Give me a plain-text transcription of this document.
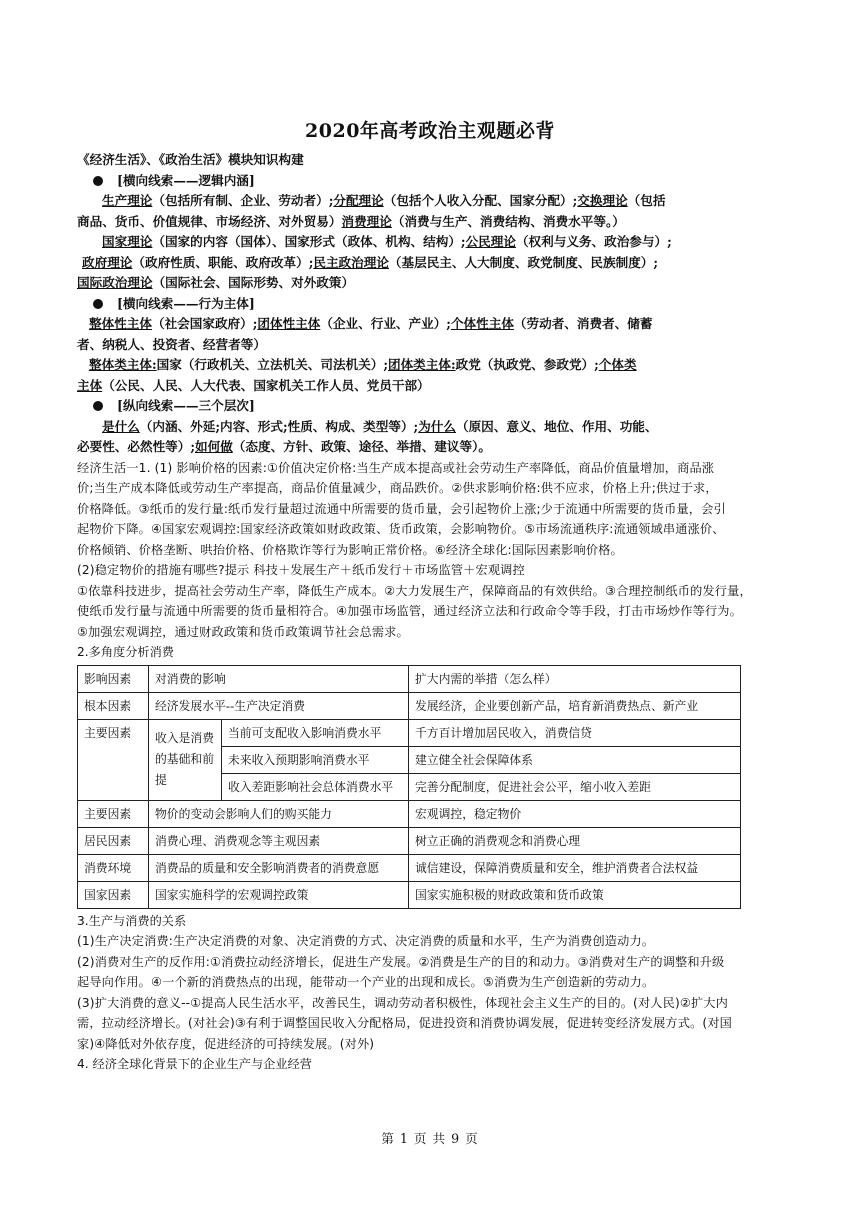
2020年高考政治主观题必背
《经济生活》、《政治生活》模块知识构建
[横向线索——逻辑内涵]
生产理论（包括所有制、企业、劳动者）;分配理论（包括个人收入分配、国家分配）;交换理论（包括
商品、货币、价值规律、市场经济、对外贸易）消费理论（消费与生产、消费结构、消费水平等。）
国家理论（国家的内容（国体）、国家形式（政体、机构、结构）;公民理论（权利与义务、政治参与）;
政府理论（政府性质、职能、政府改革）;民主政治理论（基层民主、人大制度、政党制度、民族制度）;
国际政治理论（国际社会、国际形势、对外政策）
[横向线索——行为主体]
整体性主体（社会国家政府）;团体性主体（企业、行业、产业）;个体性主体（劳动者、消费者、储蓄
者、纳税人、投资者、经营者等）
整体类主体:国家（行政机关、立法机关、司法机关）;团体类主体:政党（执政党、参政党）;个体类
主体（公民、人民、人大代表、国家机关工作人员、党员干部）
[纵向线索——三个层次]
是什么（内涵、外延;内容、形式;性质、构成、类型等）;为什么（原因、意义、地位、作用、功能、
必要性、必然性等）;如何做（态度、方针、政策、途径、举措、建议等）。
经济生活一1. (1) 影响价格的因素:①价值决定价格:当生产成本提高或社会劳动生产率降低，商品价值量增加，商品涨
价;当生产成本降低或劳动生产率提高，商品价值量减少，商品跌价。②供求影响价格:供不应求，价格上升;供过于求，
价格降低。③纸币的发行量:纸币发行量超过流通中所需要的货币量，会引起物价上涨;少于流通中所需要的货币量，会引
起物价下降。④国家宏观调控:国家经济政策如财政政策、货币政策，会影响物价。⑤市场流通秩序:流通领域串通涨价、
价格倾销、价格垄断、哄抬价格、价格欺诈等行为影响正常价格。⑥经济全球化:国际因素影响价格。
(2)稳定物价的措施有哪些?提示 科技＋发展生产＋纸币发行＋市场监管＋宏观调控
①依靠科技进步，提高社会劳动生产率，降低生产成本。②大力发展生产，保障商品的有效供给。③合理控制纸币的发行量，
使纸币发行量与流通中所需要的货币量相符合。④加强市场监管，通过经济立法和行政命令等手段，打击市场炒作等行为。
⑤加强宏观调控，通过财政政策和货币政策调节社会总需求。
2.多角度分析消费
影响因素	对消费的影响		扩大内需的举措（怎么样）
根本因素	经济发展水平--生产决定消费		发展经济，企业要创新产品，培育新消费热点、新产业
主要因素	收入是消费的基础和前提	当前可支配收入影响消费水平	千方百计增加居民收入，消费信贷
		未来收入预期影响消费水平	建立健全社会保障体系
		收入差距影响社会总体消费水平	完善分配制度，促进社会公平，缩小收入差距
主要因素	物价的变动会影响人们的购买能力		宏观调控，稳定物价
居民因素	消费心理、消费观念等主观因素		树立正确的消费观念和消费心理
消费环境	消费品的质量和安全影响消费者的消费意愿		诚信建设，保障消费质量和安全，维护消费者合法权益
国家因素	国家实施科学的宏观调控政策		国家实施积极的财政政策和货币政策
3.生产与消费的关系
(1)生产决定消费:生产决定消费的对象、决定消费的方式、决定消费的质量和水平，生产为消费创造动力。
(2)消费对生产的反作用:①消费拉动经济增长，促进生产发展。②消费是生产的目的和动力。③消费对生产的调整和升级
起导向作用。④一个新的消费热点的出现，能带动一个产业的出现和成长。⑤消费为生产创造新的劳动力。
(3)扩大消费的意义--①提高人民生活水平，改善民生，调动劳动者积极性，体现社会主义生产的目的。(对人民)②扩大内
需，拉动经济增长。(对社会)③有利于调整国民收入分配格局，促进投资和消费协调发展，促进转变经济发展方式。(对国
家)④降低对外依存度，促进经济的可持续发展。(对外)
4. 经济全球化背景下的企业生产与企业经营
第 1 页 共 9 页
